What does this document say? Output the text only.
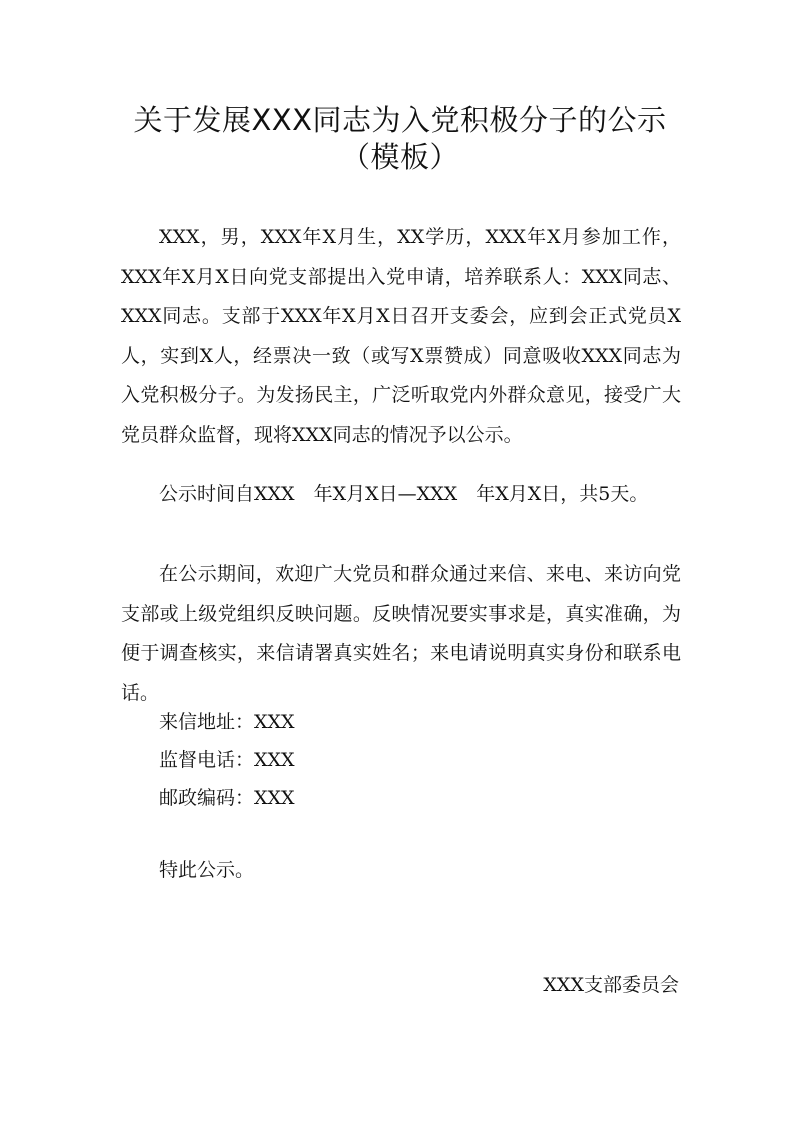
关于发展XXX同志为入党积极分子的公示
（模板）

XXX，男，XXX年X月生，XX学历，XXX年X月参加工作，XXX年X月X日向党支部提出入党申请，培养联系人：XXX同志、XXX同志。支部于XXX年X月X日召开支委会，应到会正式党员X人，实到X人，经票决一致（或写X票赞成）同意吸收XXX同志为入党积极分子。为发扬民主，广泛听取党内外群众意见，接受广大党员群众监督，现将XXX同志的情况予以公示。

公示时间自XXX　年X月X日—XXX　年X月X日，共5天。

在公示期间，欢迎广大党员和群众通过来信、来电、来访向党支部或上级党组织反映问题。反映情况要实事求是，真实准确，为便于调查核实，来信请署真实姓名；来电请说明真实身份和联系电话。

来信地址：XXX

监督电话：XXX

邮政编码：XXX

特此公示。

XXX支部委员会
